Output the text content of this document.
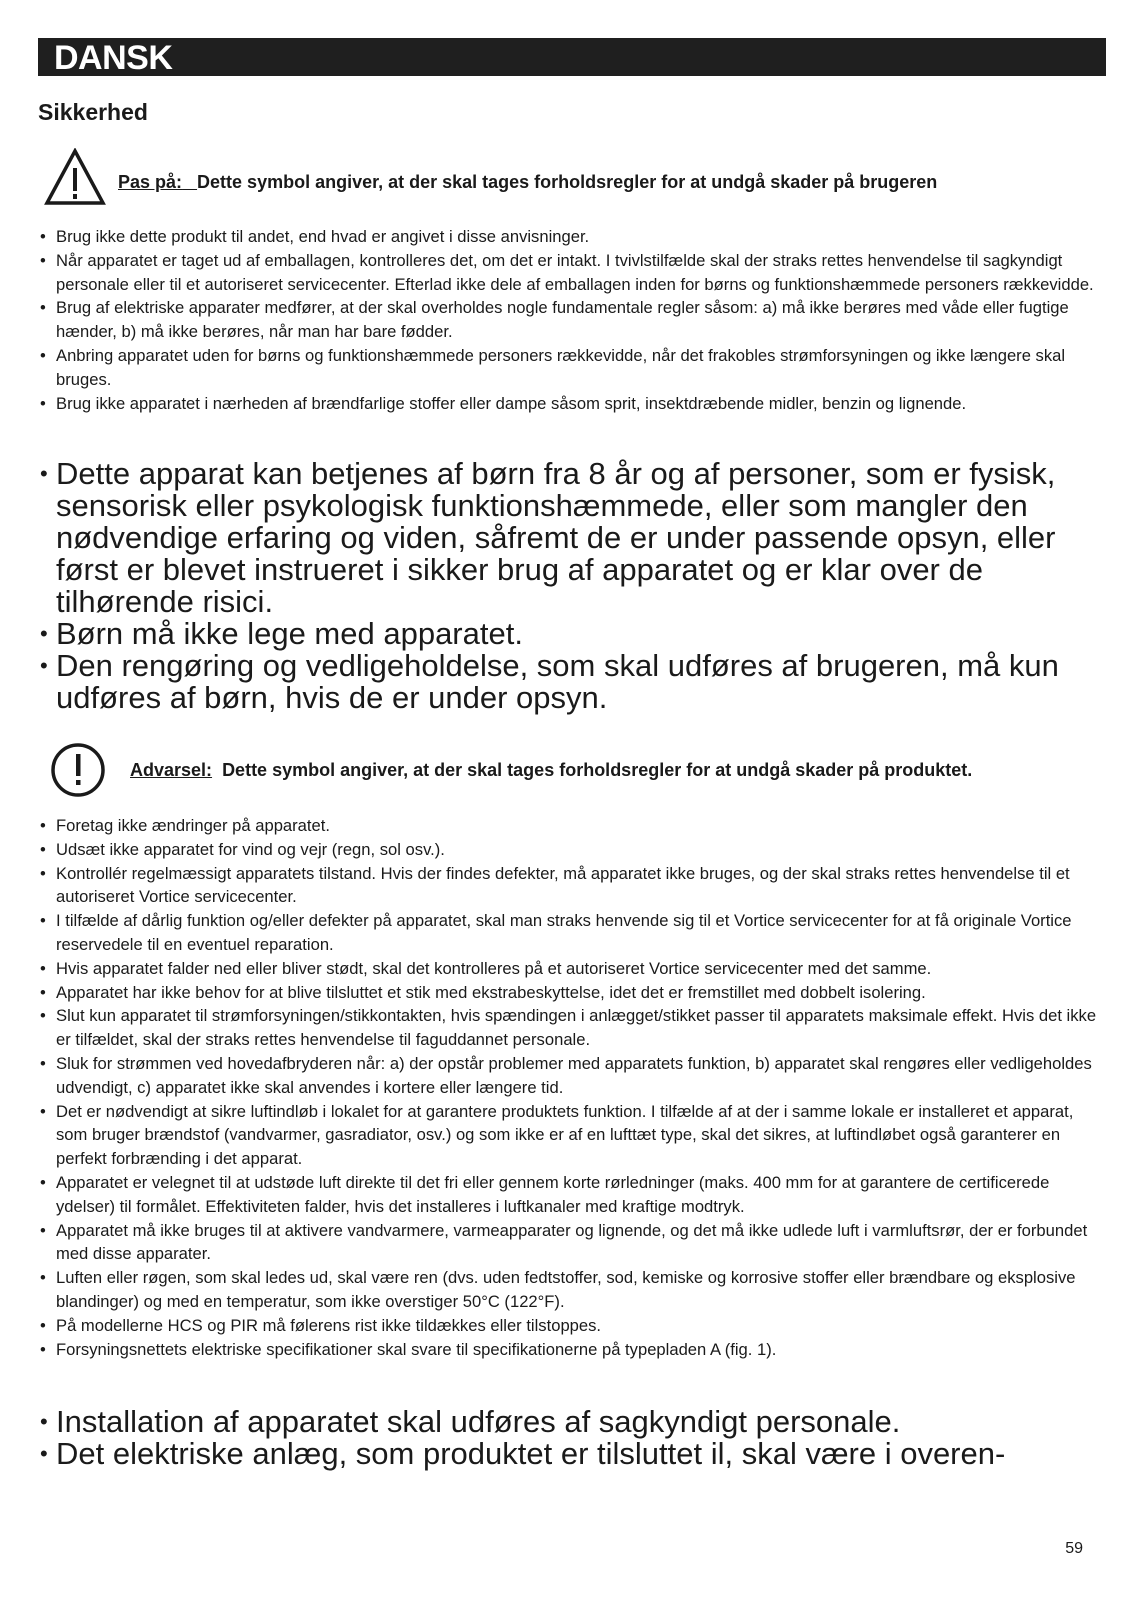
DANSK
Sikkerhed
Pas på: Dette symbol angiver, at der skal tages forholdsregler for at undgå skader på brugeren
• Brug ikke dette produkt til andet, end hvad er angivet i disse anvisninger.
• Når apparatet er taget ud af emballagen, kontrolleres det, om det er intakt. I tvivlstilfælde skal der straks rettes henvendelse til sagkyndigt personale eller til et autoriseret servicecenter. Efterlad ikke dele af emballagen inden for børns og funktionshæmmede personers rækkevidde.
• Brug af elektriske apparater medfører, at der skal overholdes nogle fundamentale regler såsom: a) må ikke berøres med våde eller fugtige hænder, b) må ikke berøres, når man har bare fødder.
• Anbring apparatet uden for børns og funktionshæmmede personers rækkevidde, når det frakobles strømforsyningen og ikke længere skal bruges.
• Brug ikke apparatet i nærheden af brændfarlige stoffer eller dampe såsom sprit, insektdræbende midler, benzin og lignende.
• Dette apparat kan betjenes af børn fra 8 år og af personer, som er fysisk, sensorisk eller psykologisk funktionshæmmede, eller som mangler den nødvendige erfaring og viden, såfremt de er under passende opsyn, eller først er blevet instrueret i sikker brug af apparatet og er klar over de tilhørende risici.
• Børn må ikke lege med apparatet.
• Den rengøring og vedligeholdelse, som skal udføres af brugeren, må kun udføres af børn, hvis de er under opsyn.
Advarsel: Dette symbol angiver, at der skal tages forholdsregler for at undgå skader på produktet.
• Foretag ikke ændringer på apparatet.
• Udsæt ikke apparatet for vind og vejr (regn, sol osv.).
• Kontrollér regelmæssigt apparatets tilstand. Hvis der findes defekter, må apparatet ikke bruges, og der skal straks rettes henvendelse til et autoriseret Vortice servicecenter.
• I tilfælde af dårlig funktion og/eller defekter på apparatet, skal man straks henvende sig til et Vortice servicecenter for at få originale Vortice reservedele til en eventuel reparation.
• Hvis apparatet falder ned eller bliver stødt, skal det kontrolleres på et autoriseret Vortice servicecenter med det samme.
• Apparatet har ikke behov for at blive tilsluttet et stik med ekstrabeskyttelse, idet det er fremstillet med dobbelt isolering.
• Slut kun apparatet til strømforsyningen/stikkontakten, hvis spændingen i anlægget/stikket passer til apparatets maksimale effekt. Hvis det ikke er tilfældet, skal der straks rettes henvendelse til faguddannet personale.
• Sluk for strømmen ved hovedafbryderen når: a) der opstår problemer med apparatets funktion, b) apparatet skal rengøres eller vedligeholdes udvendigt, c) apparatet ikke skal anvendes i kortere eller længere tid.
• Det er nødvendigt at sikre luftindløb i lokalet for at garantere produktets funktion. I tilfælde af at der i samme lokale er installeret et apparat, som bruger brændstof (vandvarmer, gasradiator, osv.) og som ikke er af en lufttæt type, skal det sikres, at luftindløbet også garanterer en perfekt forbrænding i det apparat.
• Apparatet er velegnet til at udstøde luft direkte til det fri eller gennem korte rørledninger (maks. 400 mm for at garantere de certificerede ydelser) til formålet. Effektiviteten falder, hvis det installeres i luftkanaler med kraftige modtryk.
• Apparatet må ikke bruges til at aktivere vandvarmere, varmeapparater og lignende, og det må ikke udlede luft i varmluftsrør, der er forbundet med disse apparater.
• Luften eller røgen, som skal ledes ud, skal være ren (dvs. uden fedtstoffer, sod, kemiske og korrosive stoffer eller brændbare og eksplosive blandinger) og med en temperatur, som ikke overstiger 50°C (122°F).
• På modellerne HCS og PIR må følerens rist ikke tildækkes eller tilstoppes.
• Forsyningsnettets elektriske specifikationer skal svare til specifikationerne på typepladen A (fig. 1).
• Installation af apparatet skal udføres af sagkyndigt personale.
• Det elektriske anlæg, som produktet er tilsluttet il, skal være i overen-
59
